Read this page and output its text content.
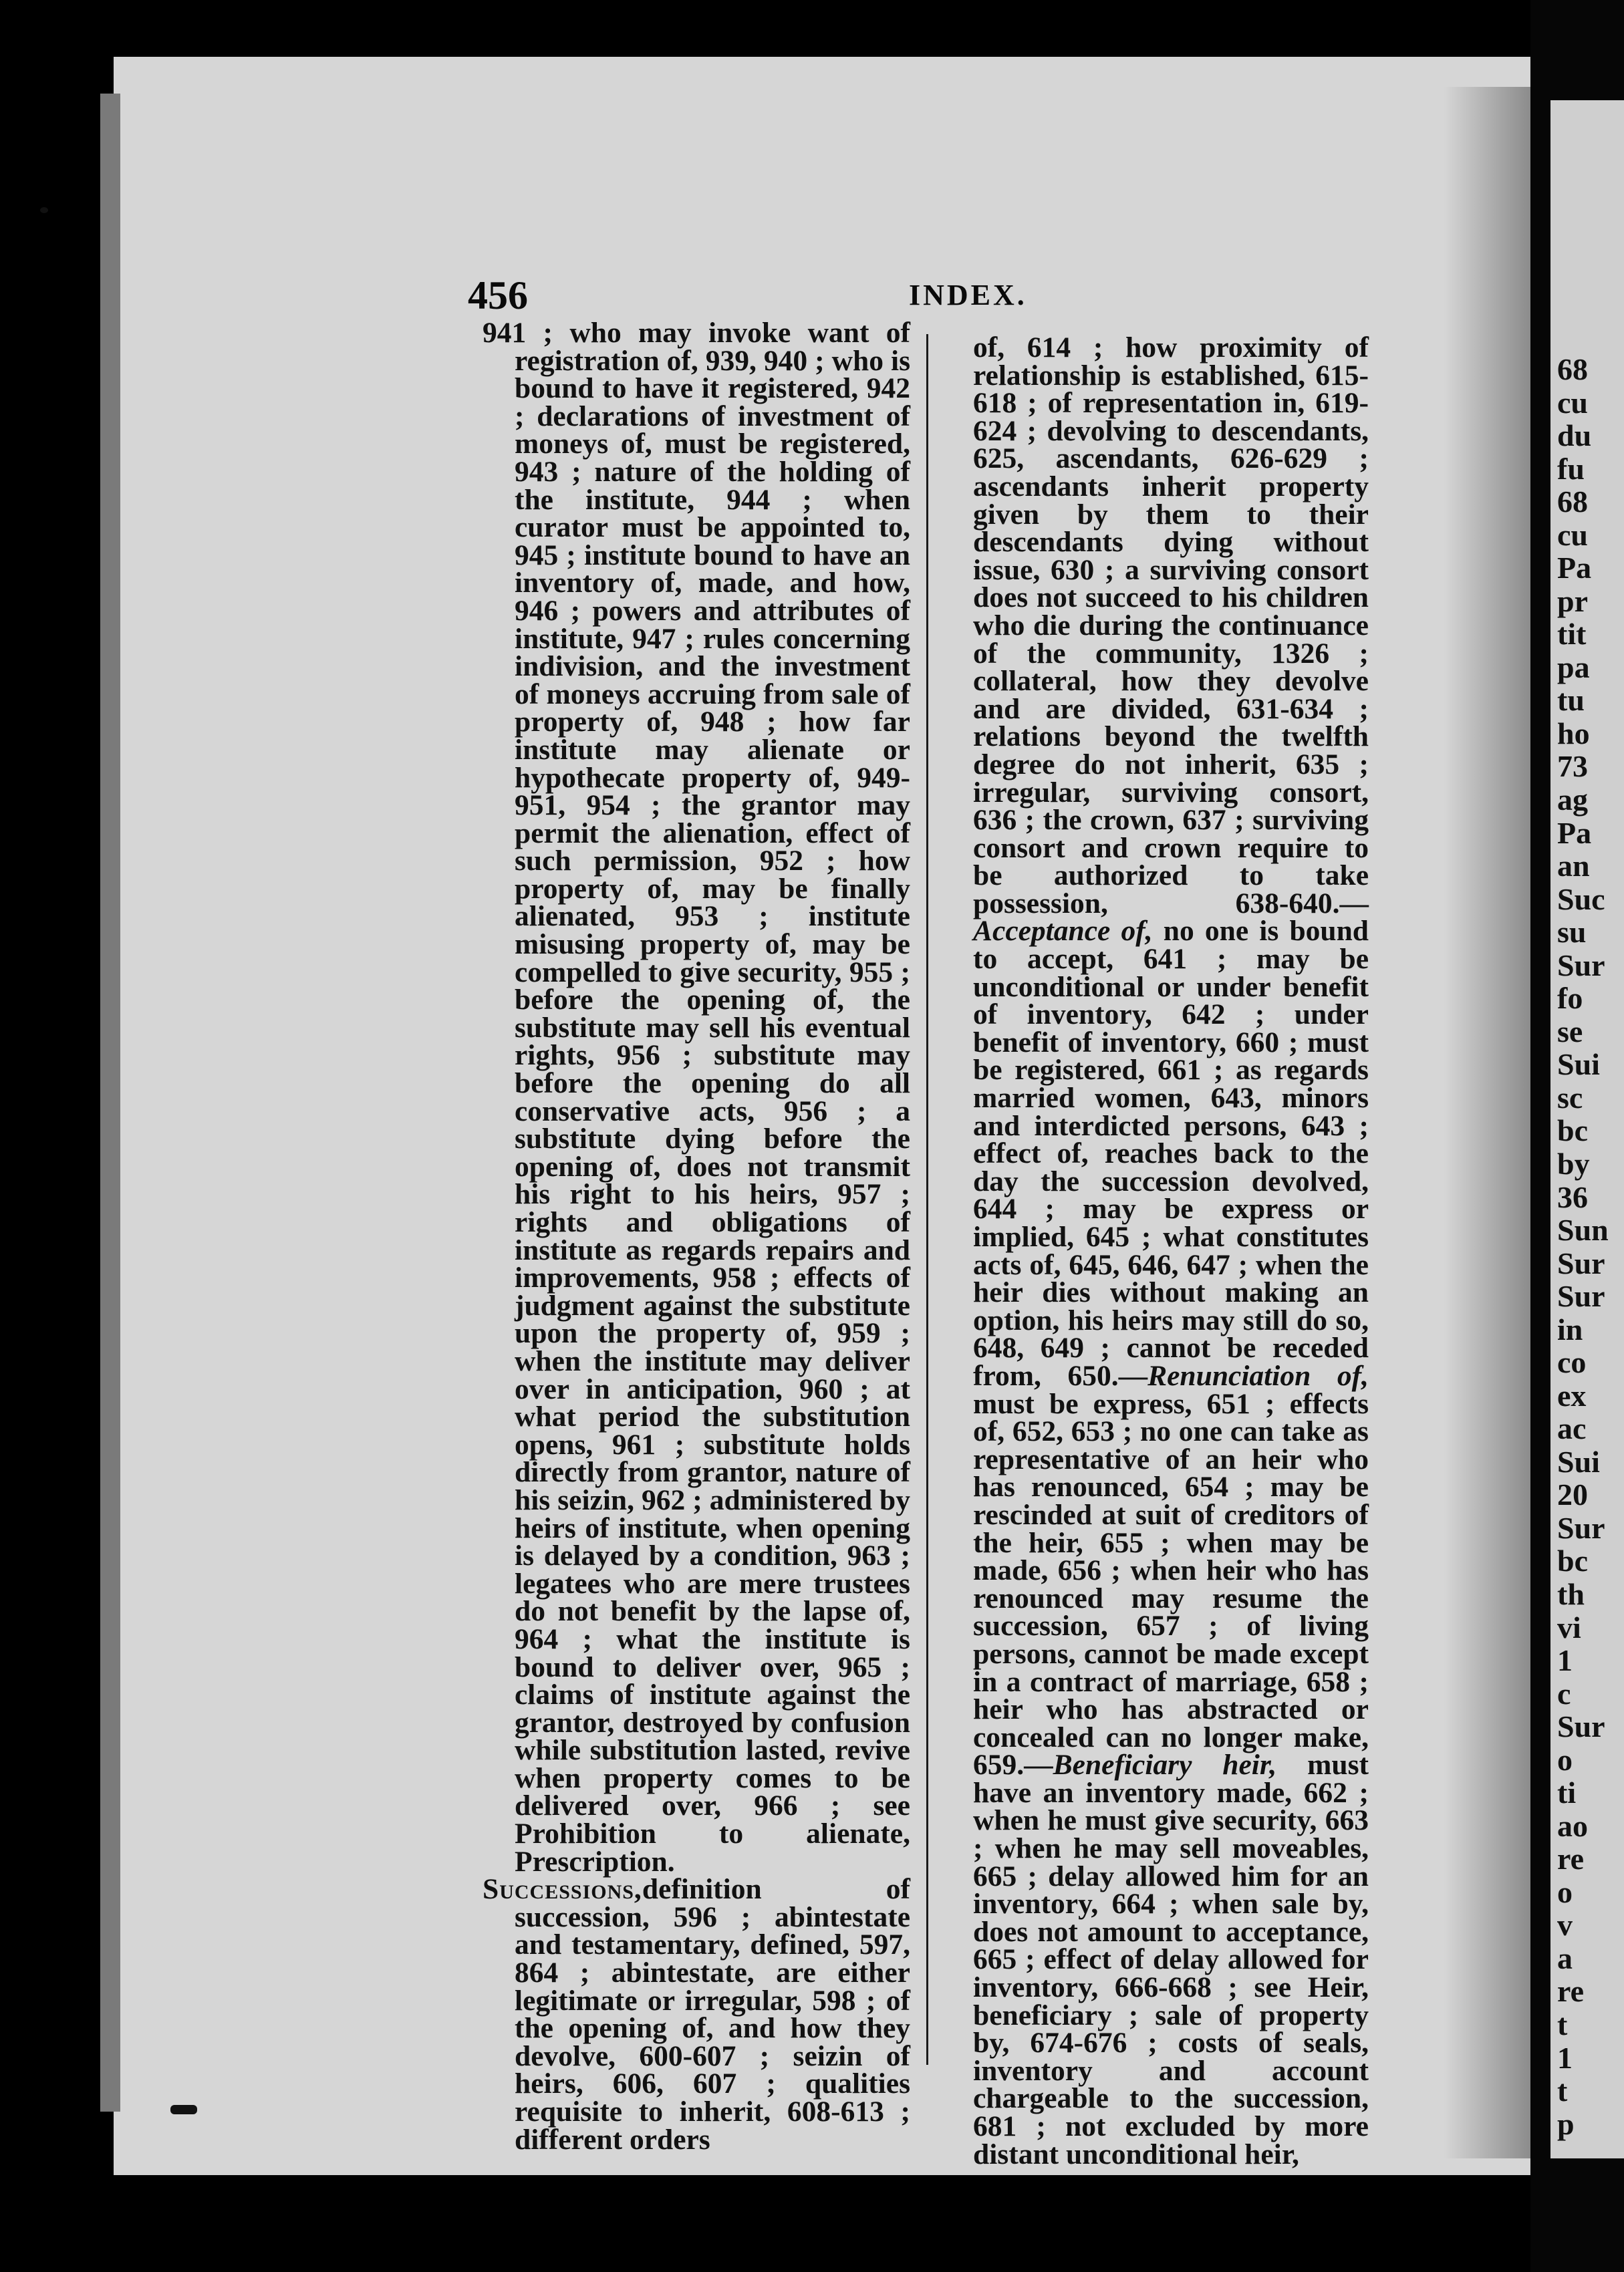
68
cu
du
fu
68
cu
Pa
pr
tit
pa
tu
ho
73
ag
Pa
an
Suc
su
Sur
fo
se
Sui
sc
bc
by
36
Sun
Sur
Sur
in
co
ex
ac
Sui
20
Sur
bc
th
vi
1
c
Sur
o
ti
ao
re
o
v
a
re
t
1
t
p
456	INDEX.

941 ; who may invoke want of registration of, 939, 940 ; who is bound to have it registered, 942 ; declarations of investment of moneys of, must be registered, 943 ; nature of the holding of the institute, 944 ; when curator must be appointed to, 945 ; institute bound to have an inventory of, made, and how, 946 ; powers and attributes of institute, 947 ; rules concerning indivision, and the investment of moneys accruing from sale of property of, 948 ; how far institute may alienate or hypothecate property of, 949-951, 954 ; the grantor may permit the alienation, effect of such permission, 952 ; how property of, may be finally alienated, 953 ; institute misusing property of, may be compelled to give security, 955 ; before the opening of, the substitute may sell his eventual rights, 956 ; substitute may before the opening do all conservative acts, 956 ; a substitute dying before the opening of, does not transmit his right to his heirs, 957 ; rights and obligations of institute as regards repairs and improvements, 958 ; effects of judgment against the substitute upon the property of, 959 ; when the institute may deliver over in anticipation, 960 ; at what period the substitution opens, 961 ; substitute holds directly from grantor, nature of his seizin, 962 ; administered by heirs of institute, when opening is delayed by a condition, 963 ; legatees who are mere trustees do not benefit by the lapse of, 964 ; what the institute is bound to deliver over, 965 ; claims of institute against the grantor, destroyed by confusion while substitution lasted, revive when property comes to be delivered over, 966 ; see Prohibition to alienate, Prescription.

Successions,definition of succession, 596 ; abintestate and testamentary, defined, 597, 864 ; abintestate, are either legitimate or irregular, 598 ; of the opening of, and how they devolve, 600-607 ; seizin of heirs, 606, 607 ; qualities requisite to inherit, 608-613 ; different orders

of, 614 ; how proximity of relationship is established, 615-618 ; of representation in, 619-624 ; devolving to descendants, 625, ascendants, 626-629 ; ascendants inherit property given by them to their descendants dying without issue, 630 ; a surviving consort does not succeed to his children who die during the continuance of the community, 1326 ; collateral, how they devolve and are divided, 631-634 ; relations beyond the twelfth degree do not inherit, 635 ; irregular, surviving consort, 636 ; the crown, 637 ; surviving consort and crown require to be authorized to take possession, 638-640.—Acceptance of, no one is bound to accept, 641 ; may be unconditional or under benefit of inventory, 642 ; under benefit of inventory, 660 ; must be registered, 661 ; as regards married women, 643, minors and interdicted persons, 643 ; effect of, reaches back to the day the succession devolved, 644 ; may be express or implied, 645 ; what constitutes acts of, 645, 646, 647 ; when the heir dies without making an option, his heirs may still do so, 648, 649 ; cannot be receded from, 650.—Renunciation of, must be express, 651 ; effects of, 652, 653 ; no one can take as representative of an heir who has renounced, 654 ; may be rescinded at suit of creditors of the heir, 655 ; when may be made, 656 ; when heir who has renounced may resume the succession, 657 ; of living persons, cannot be made except in a contract of marriage, 658 ; heir who has abstracted or concealed can no longer make, 659.—Beneficiary heir, must have an inventory made, 662 ; when he must give security, 663 ; when he may sell moveables, 665 ; delay allowed him for an inventory, 664 ; when sale by, does not amount to acceptance, 665 ; effect of delay allowed for inventory, 666-668 ; see Heir, beneficiary ; sale of property by, 674-676 ; costs of seals, inventory and account chargeable to the succession, 681 ; not excluded by more distant unconditional heir,
